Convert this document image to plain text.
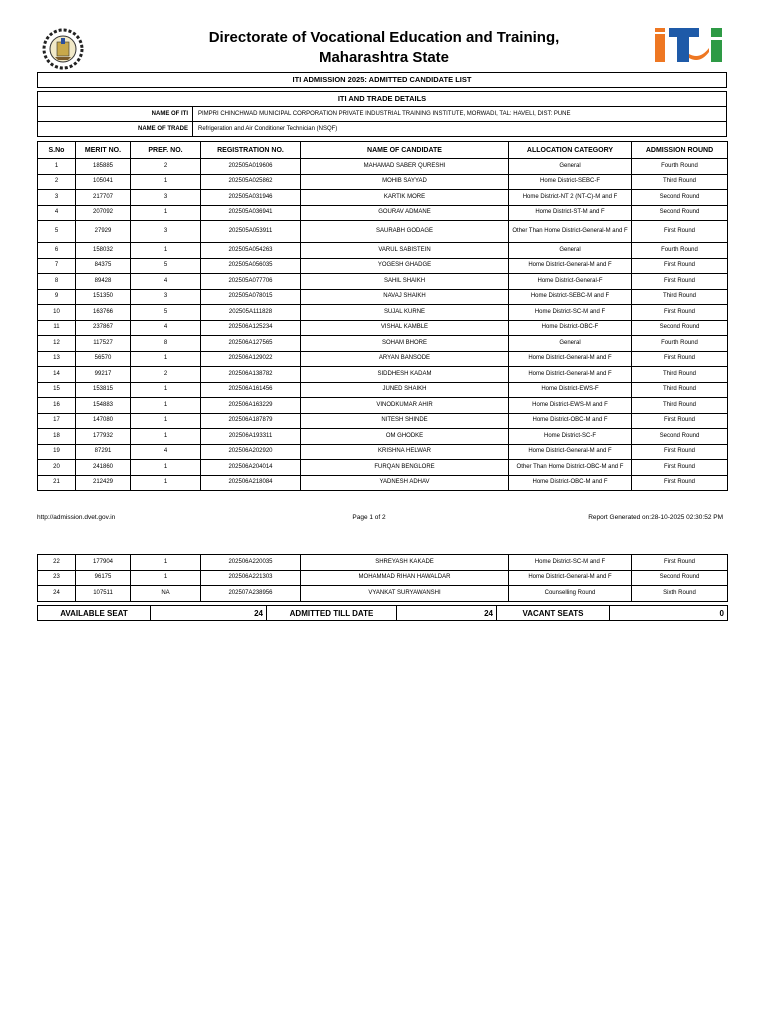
Directorate of Vocational Education and Training,
Maharashtra State
ITI ADMISSION 2025: ADMITTED CANDIDATE LIST
ITI AND TRADE DETAILS
NAME OF ITI	PIMPRI CHINCHWAD MUNICIPAL CORPORATION PRIVATE INDUSTRIAL TRAINING INSTITUTE, MORWADI, TAL: HAVELI, DIST: PUNE
NAME OF TRADE	Refrigeration and Air Conditioner Technician (NSQF)
S.No	MERIT NO.	PREF. NO.	REGISTRATION NO.	NAME OF CANDIDATE	ALLOCATION CATEGORY	ADMISSION ROUND
1	185885	2	202505A019606	MAHAMAD SABER QURESHI	General	Fourth Round
2	105041	1	202505A025862	MOHIB SAYYAD	Home District-SEBC-F	Third Round
3	217707	3	202505A031946	KARTIK MORE	Home District-NT 2 (NT-C)-M and F	Second Round
4	207092	1	202505A036941	GOURAV ADMANE	Home District-ST-M and F	Second Round
5	27929	3	202505A053911	SAURABH GODAGE	Other Than Home District-General-M and F	First Round
6	158032	1	202505A054263	VARUL SABISTEIN	General	Fourth Round
7	84375	5	202505A056035	YOGESH GHADGE	Home District-General-M and F	First Round
8	89428	4	202505A077706	SAHIL SHAIKH	Home District-General-F	First Round
9	151350	3	202505A078015	NAVAJ SHAIKH	Home District-SEBC-M and F	Third Round
10	163766	5	202505A111828	SUJAL KURNE	Home District-SC-M and F	First Round
11	237867	4	202506A125234	VISHAL KAMBLE	Home District-OBC-F	Second Round
12	117527	8	202506A127565	SOHAM BHORE	General	Fourth Round
13	56570	1	202506A129022	ARYAN BANSODE	Home District-General-M and F	First Round
14	99217	2	202506A138782	SIDDHESH KADAM	Home District-General-M and F	Third Round
15	153815	1	202506A161456	JUNED SHAIKH	Home District-EWS-F	Third Round
16	154883	1	202506A163229	VINODKUMAR AHIR	Home District-EWS-M and F	Third Round
17	147080	1	202506A187879	NITESH SHINDE	Home District-OBC-M and F	First Round
18	177932	1	202506A193311	OM GHODKE	Home District-SC-F	Second Round
19	87291	4	202506A202920	KRISHNA HELWAR	Home District-General-M and F	First Round
20	241860	1	202506A204014	FURQAN BENGLORE	Other Than Home District-OBC-M and F	First Round
21	212429	1	202506A218084	YADNESH ADHAV	Home District-OBC-M and F	First Round
http://admission.dvet.gov.in	Page 1 of 2	Report Generated on:28-10-2025 02:30:52 PM
22	177904	1	202506A220035	SHREYASH KAKADE	Home District-SC-M and F	First Round
23	96175	1	202506A221303	MOHAMMAD RIHAN HAWALDAR	Home District-General-M and F	Second Round
24	107511	NA	202507A238956	VYANKAT SURYAWANSHI	Counselling Round	Sixth Round
AVAILABLE SEAT	24	ADMITTED TILL DATE	24	VACANT SEATS	0
